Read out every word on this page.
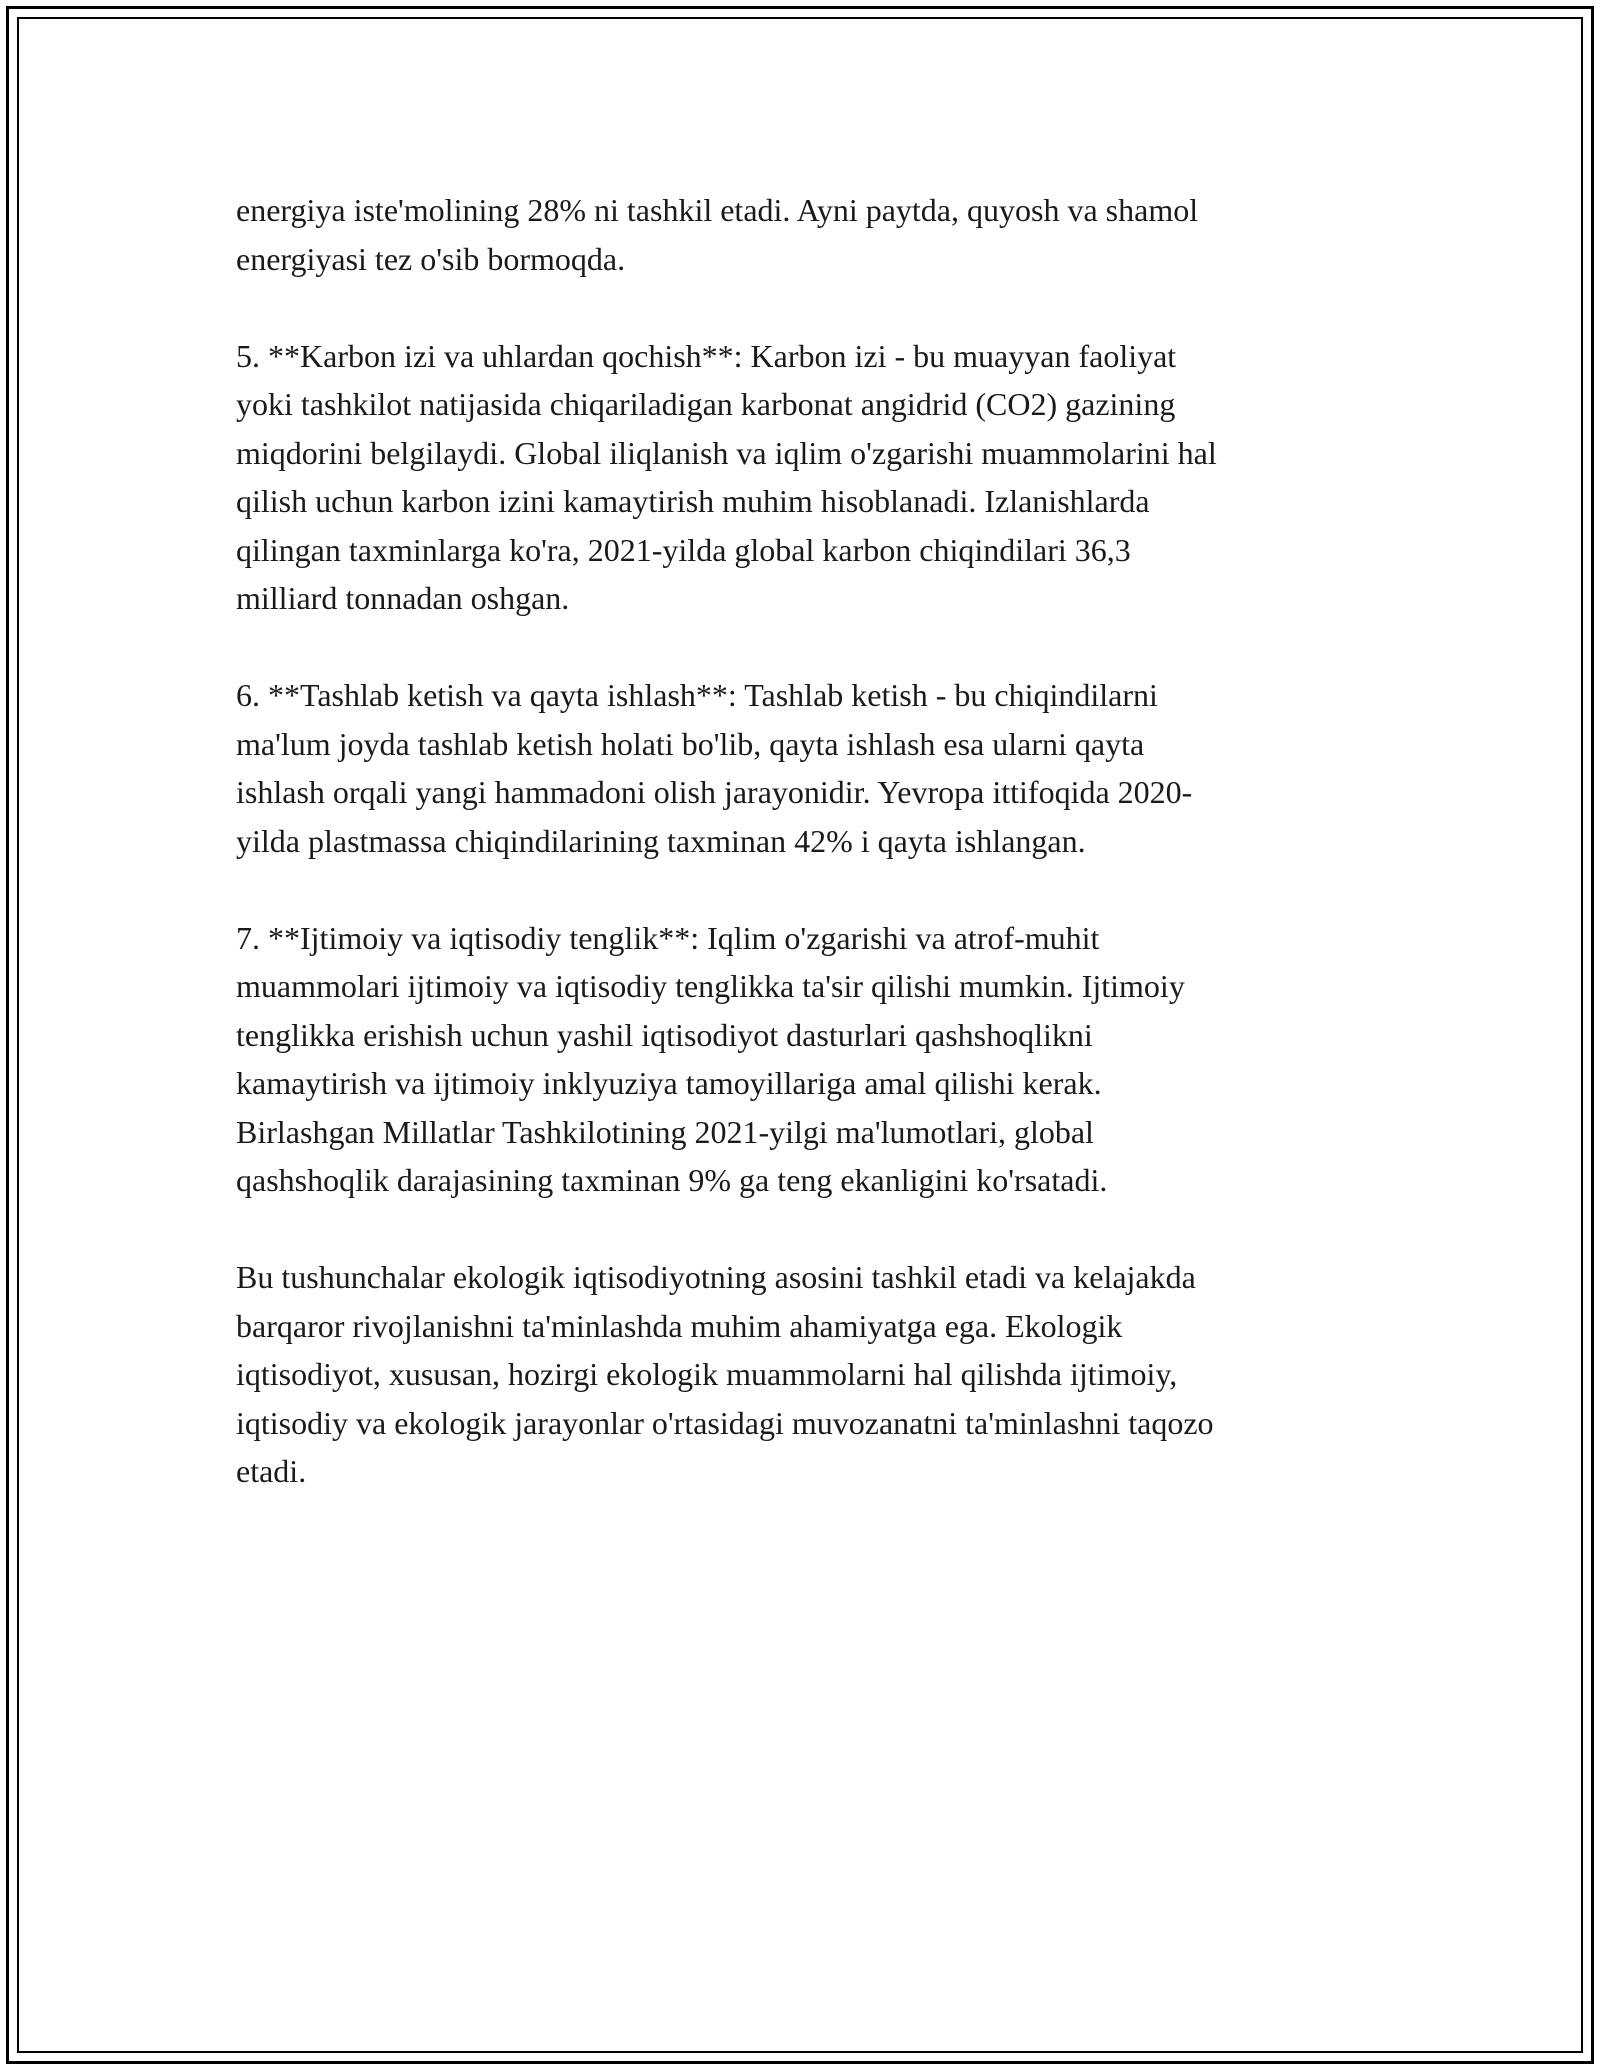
energiya iste'molining 28% ni tashkil etadi. Ayni paytda, quyosh va shamol
energiyasi tez o'sib bormoqda.

5. **Karbon izi va uhlardan qochish**: Karbon izi - bu muayyan faoliyat
yoki tashkilot natijasida chiqariladigan karbonat angidrid (CO2) gazining
miqdorini belgilaydi. Global iliqlanish va iqlim o'zgarishi muammolarini hal
qilish uchun karbon izini kamaytirish muhim hisoblanadi. Izlanishlarda
qilingan taxminlarga ko'ra, 2021-yilda global karbon chiqindilari 36,3
milliard tonnadan oshgan.

6. **Tashlab ketish va qayta ishlash**: Tashlab ketish - bu chiqindilarni
ma'lum joyda tashlab ketish holati bo'lib, qayta ishlash esa ularni qayta
ishlash orqali yangi hammadoni olish jarayonidir. Yevropa ittifoqida 2020-
yilda plastmassa chiqindilarining taxminan 42% i qayta ishlangan.

7. **Ijtimoiy va iqtisodiy tenglik**: Iqlim o'zgarishi va atrof-muhit
muammolari ijtimoiy va iqtisodiy tenglikka ta'sir qilishi mumkin. Ijtimoiy
tenglikka erishish uchun yashil iqtisodiyot dasturlari qashshoqlikni
kamaytirish va ijtimoiy inklyuziya tamoyillariga amal qilishi kerak.
Birlashgan Millatlar Tashkilotining 2021-yilgi ma'lumotlari, global
qashshoqlik darajasining taxminan 9% ga teng ekanligini ko'rsatadi.

Bu tushunchalar ekologik iqtisodiyotning asosini tashkil etadi va kelajakda
barqaror rivojlanishni ta'minlashda muhim ahamiyatga ega. Ekologik
iqtisodiyot, xususan, hozirgi ekologik muammolarni hal qilishda ijtimoiy,
iqtisodiy va ekologik jarayonlar o'rtasidagi muvozanatni ta'minlashni taqozo
etadi.
